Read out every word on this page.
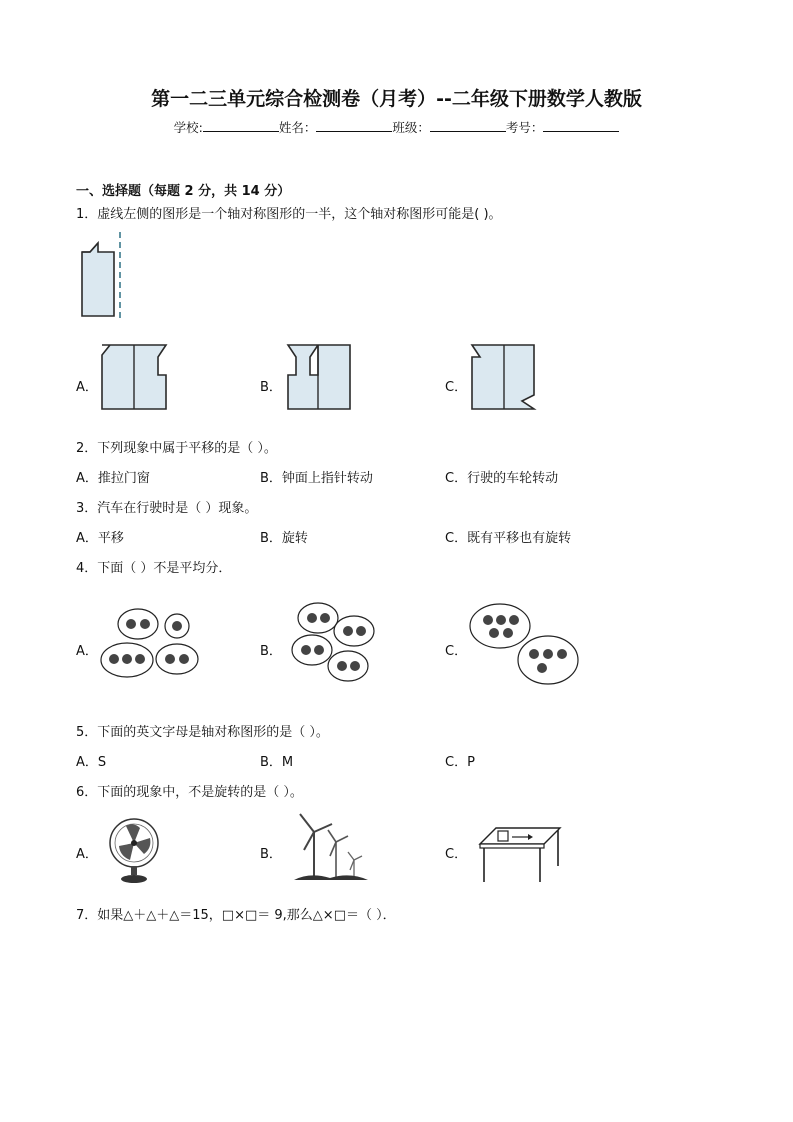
第一二三单元综合检测卷（月考）--二年级下册数学人教版
学校:	姓名：	班级：	考号：
一、选择题（每题 2 分，共 14 分）
1．虚线左侧的图形是一个轴对称图形的一半，这个轴对称图形可能是( )。
A．	B．	C．
2．下列现象中属于平移的是（ ）。
A．推拉门窗	B．钟面上指针转动	C．行驶的车轮转动
3．汽车在行驶时是（ ）现象。
A．平移	B．旋转	C．既有平移也有旋转
4．下面（ ）不是平均分．
A．	B．	C．
5．下面的英文字母是轴对称图形的是（ ）。
A．S	B．M	C．P
6．下面的现象中，不是旋转的是（ ）。
A．	B．	C．
7．如果△＋△＋△＝15，□×□＝ 9,那么△×□＝（ ）．
